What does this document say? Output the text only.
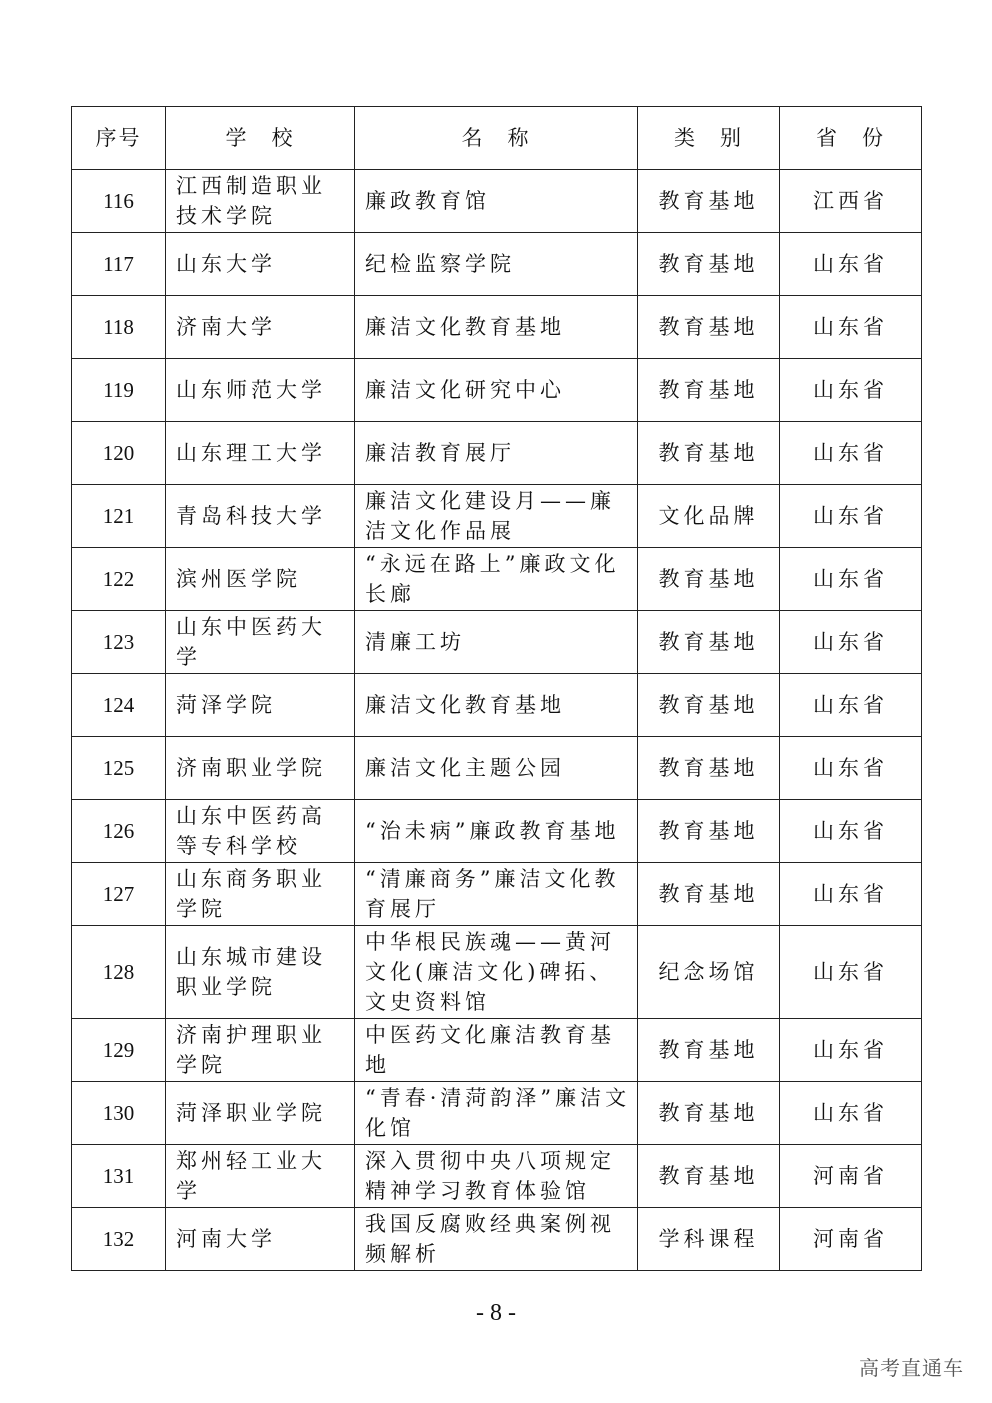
序号	学　校	名　称	类　别	省　份
116	江西制造职业技术学院	廉政教育馆	教育基地	江西省
117	山东大学	纪检监察学院	教育基地	山东省
118	济南大学	廉洁文化教育基地	教育基地	山东省
119	山东师范大学	廉洁文化研究中心	教育基地	山东省
120	山东理工大学	廉洁教育展厅	教育基地	山东省
121	青岛科技大学	廉洁文化建设月——廉洁文化作品展	文化品牌	山东省
122	滨州医学院	“永远在路上”廉政文化长廊	教育基地	山东省
123	山东中医药大学	清廉工坊	教育基地	山东省
124	菏泽学院	廉洁文化教育基地	教育基地	山东省
125	济南职业学院	廉洁文化主题公园	教育基地	山东省
126	山东中医药高等专科学校	“治未病”廉政教育基地	教育基地	山东省
127	山东商务职业学院	“清廉商务”廉洁文化教育展厅	教育基地	山东省
128	山东城市建设职业学院	中华根民族魂——黄河文化(廉洁文化)碑拓、文史资料馆	纪念场馆	山东省
129	济南护理职业学院	中医药文化廉洁教育基地	教育基地	山东省
130	菏泽职业学院	“青春·清菏韵泽”廉洁文化馆	教育基地	山东省
131	郑州轻工业大学	深入贯彻中央八项规定精神学习教育体验馆	教育基地	河南省
132	河南大学	我国反腐败经典案例视频解析	学科课程	河南省
- 8 -
高考直通车
